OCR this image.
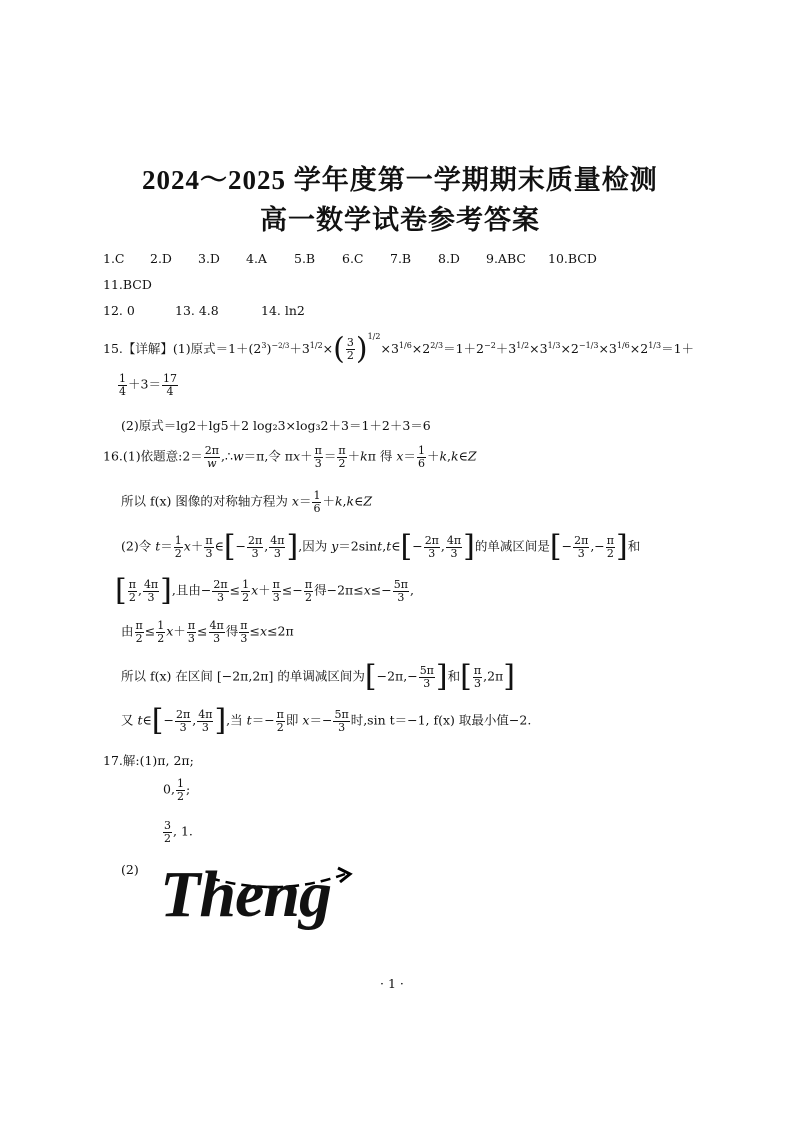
2024～2025 学年度第一学期期末质量检测
高一数学试卷参考答案
1.C 2.D 3.D 4.A 5.B 6.C 7.B 8.D 9.ABC 10.BCD
11.BCD
12. 0	13. 4.8	14. ln2
15.【详解】(1)原式$=1+(2^3)^{-2/3}+3^{1/2}\times( \frac{3}{2} )^{1/2}\times 3^{1/6}\times 2^{2/3}=1+2^{-2}+3^{1/2}\times 3^{1/3}\times 2^{-1/3}\times 3^{1/6}\times 2^{1/3}=1+$
$\frac{1}{4} +3= \frac{17}{4}$
(2)原式＝lg2＋lg5＋2 log₂3×log₃2＋3＝1＋2＋3＝6
16.(1)依题意:2＝ $\frac{2\pi}{w}$ ,∴w＝π,令 $\pi x+ \frac{\pi}{3} = \frac{\pi}{2} +k\pi$ 得 $x= \frac{1}{6}$ ＋k,k∈Z
所以 f(x) 图像的对称轴方程为 $x= \frac{1}{6}$ ＋k,k∈Z
(2)令 $t= \frac{1}{2} x+ \frac{\pi}{3}$ ∈[− $\frac{2\pi}{3}$ , $\frac{4\pi}{3}$ ],因为 y＝2sint,t∈[− $\frac{2\pi}{3}$ , $\frac{4\pi}{3}$ ]的单减区间是[− $\frac{2\pi}{3}$ ,− $\frac{\pi}{2}$ ]和
[ $\frac{\pi}{2}$ , $\frac{4\pi}{3}$ ],且由− $\frac{2\pi}{3} \le \frac{1}{2} x+ \frac{\pi}{3} \le- \frac{\pi}{2}$ 得$-2\pi\le x\le- \frac{5\pi}{3}$ ,
由 $\frac{\pi}{2} \le \frac{1}{2} x+ \frac{\pi}{3} \le \frac{4\pi}{3}$ 得 $\frac{\pi}{3} \le x\le 2\pi$
所以 f(x) 在区间 [−2π,2π] 的单调减区间为[$-2\pi,- \frac{5\pi}{3}$ ]和[ $\frac{\pi}{3} ,2\pi$]
又 t∈[− $\frac{2\pi}{3}$ , $\frac{4\pi}{3}$ ],当 $t=- \frac{\pi}{2}$ 即 $x=- \frac{5\pi}{3}$ 时,sin t＝−1, f(x) 取最小值−2.
17.解:(1)π, 2π;
0, $\frac{1}{2}$ ;
$\frac{3}{2}$ , 1.
(2) Theng
· 1 ·
